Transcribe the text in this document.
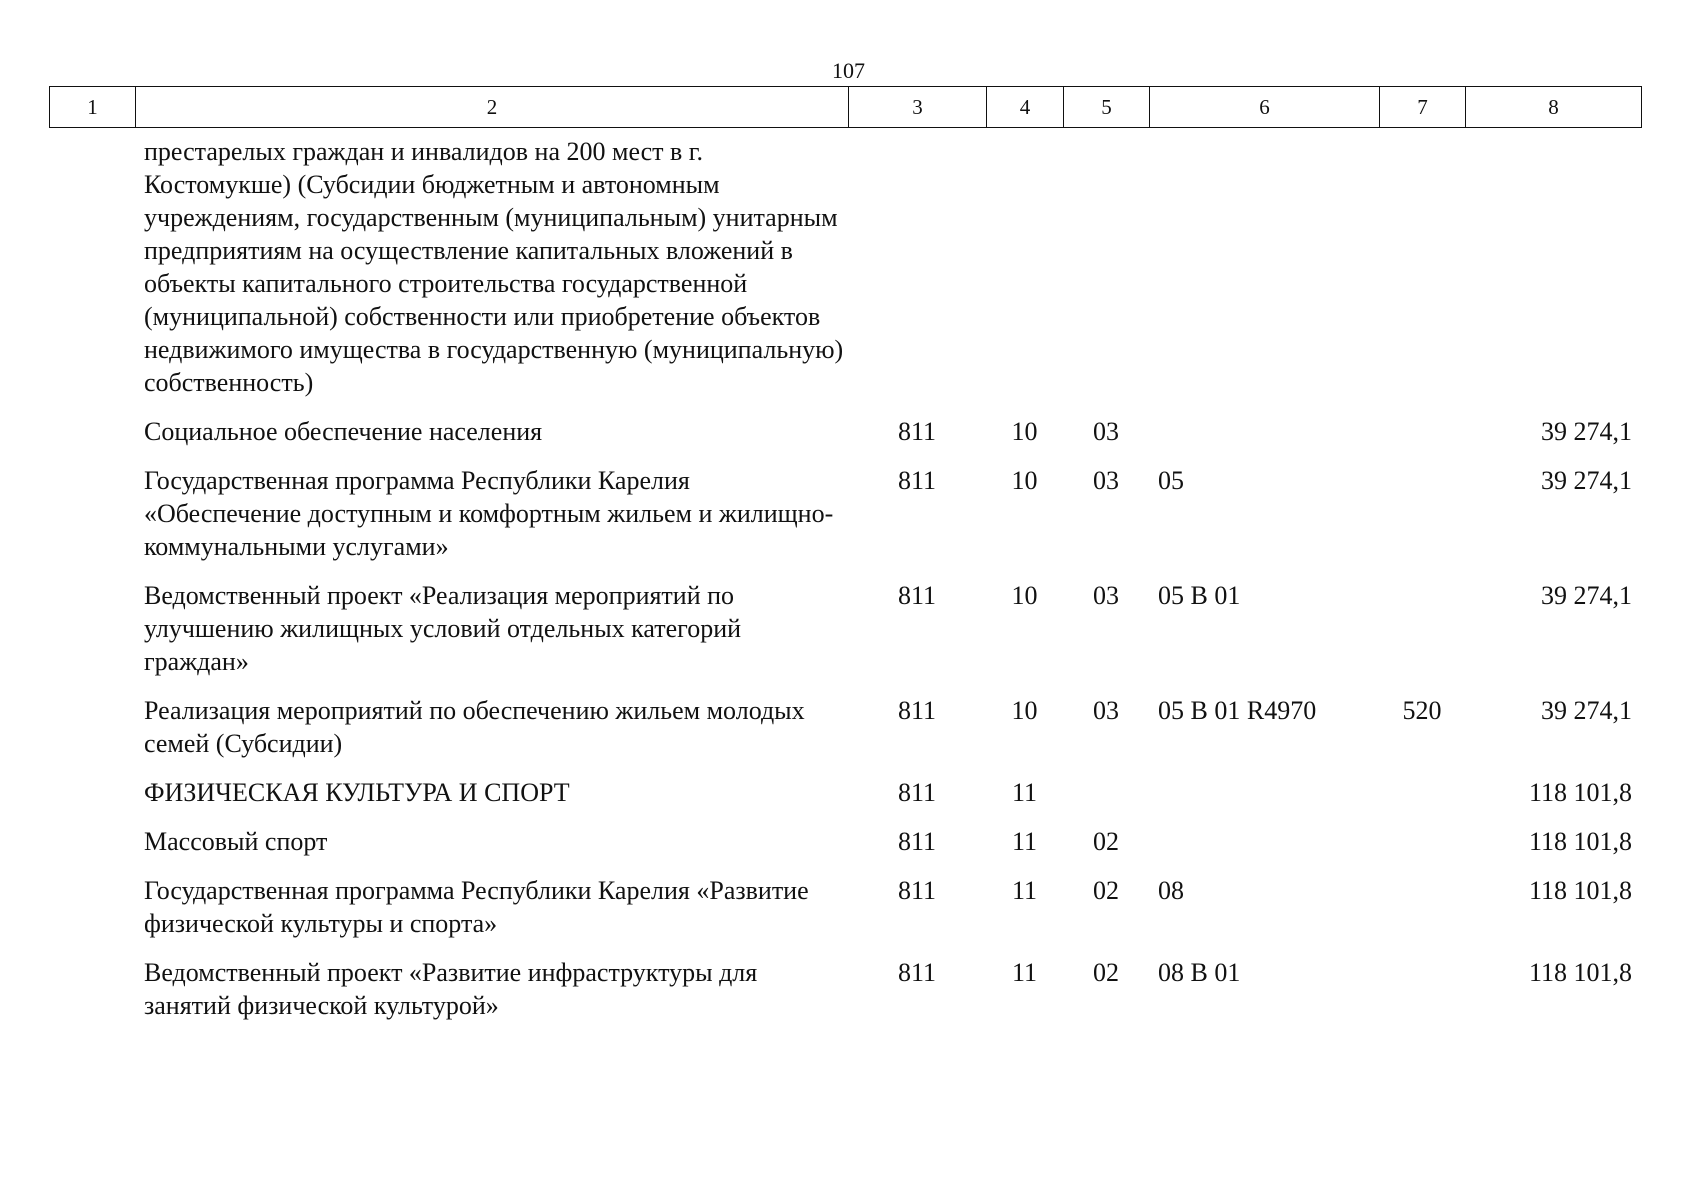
107
1	2	3	4	5	6	7	8
престарелых граждан и инвалидов на 200 мест в г. Костомукше) (Субсидии бюджетным и автономным учреждениям, государственным (муниципальным) унитарным предприятиям на осуществление капитальных вложений в объекты капитального строительства государственной (муниципальной) собственности или приобретение объектов недвижимого имущества в государственную (муниципальную) собственность)						
Социальное обеспечение населения	811	10	03			39 274,1
Государственная программа Республики Карелия «Обеспечение доступным и комфортным жильем и жилищно-коммунальными услугами»	811	10	03	05		39 274,1
Ведомственный проект «Реализация мероприятий по улучшению жилищных условий отдельных категорий граждан»	811	10	03	05 В 01		39 274,1
Реализация мероприятий по обеспечению жильем молодых семей (Субсидии)	811	10	03	05 В 01 R4970	520	39 274,1
ФИЗИЧЕСКАЯ КУЛЬТУРА И СПОРТ	811	11				118 101,8
Массовый спорт	811	11	02			118 101,8
Государственная программа Республики Карелия «Развитие физической культуры и спорта»	811	11	02	08		118 101,8
Ведомственный проект «Развитие инфраструктуры для занятий физической культурой»	811	11	02	08 В 01		118 101,8
